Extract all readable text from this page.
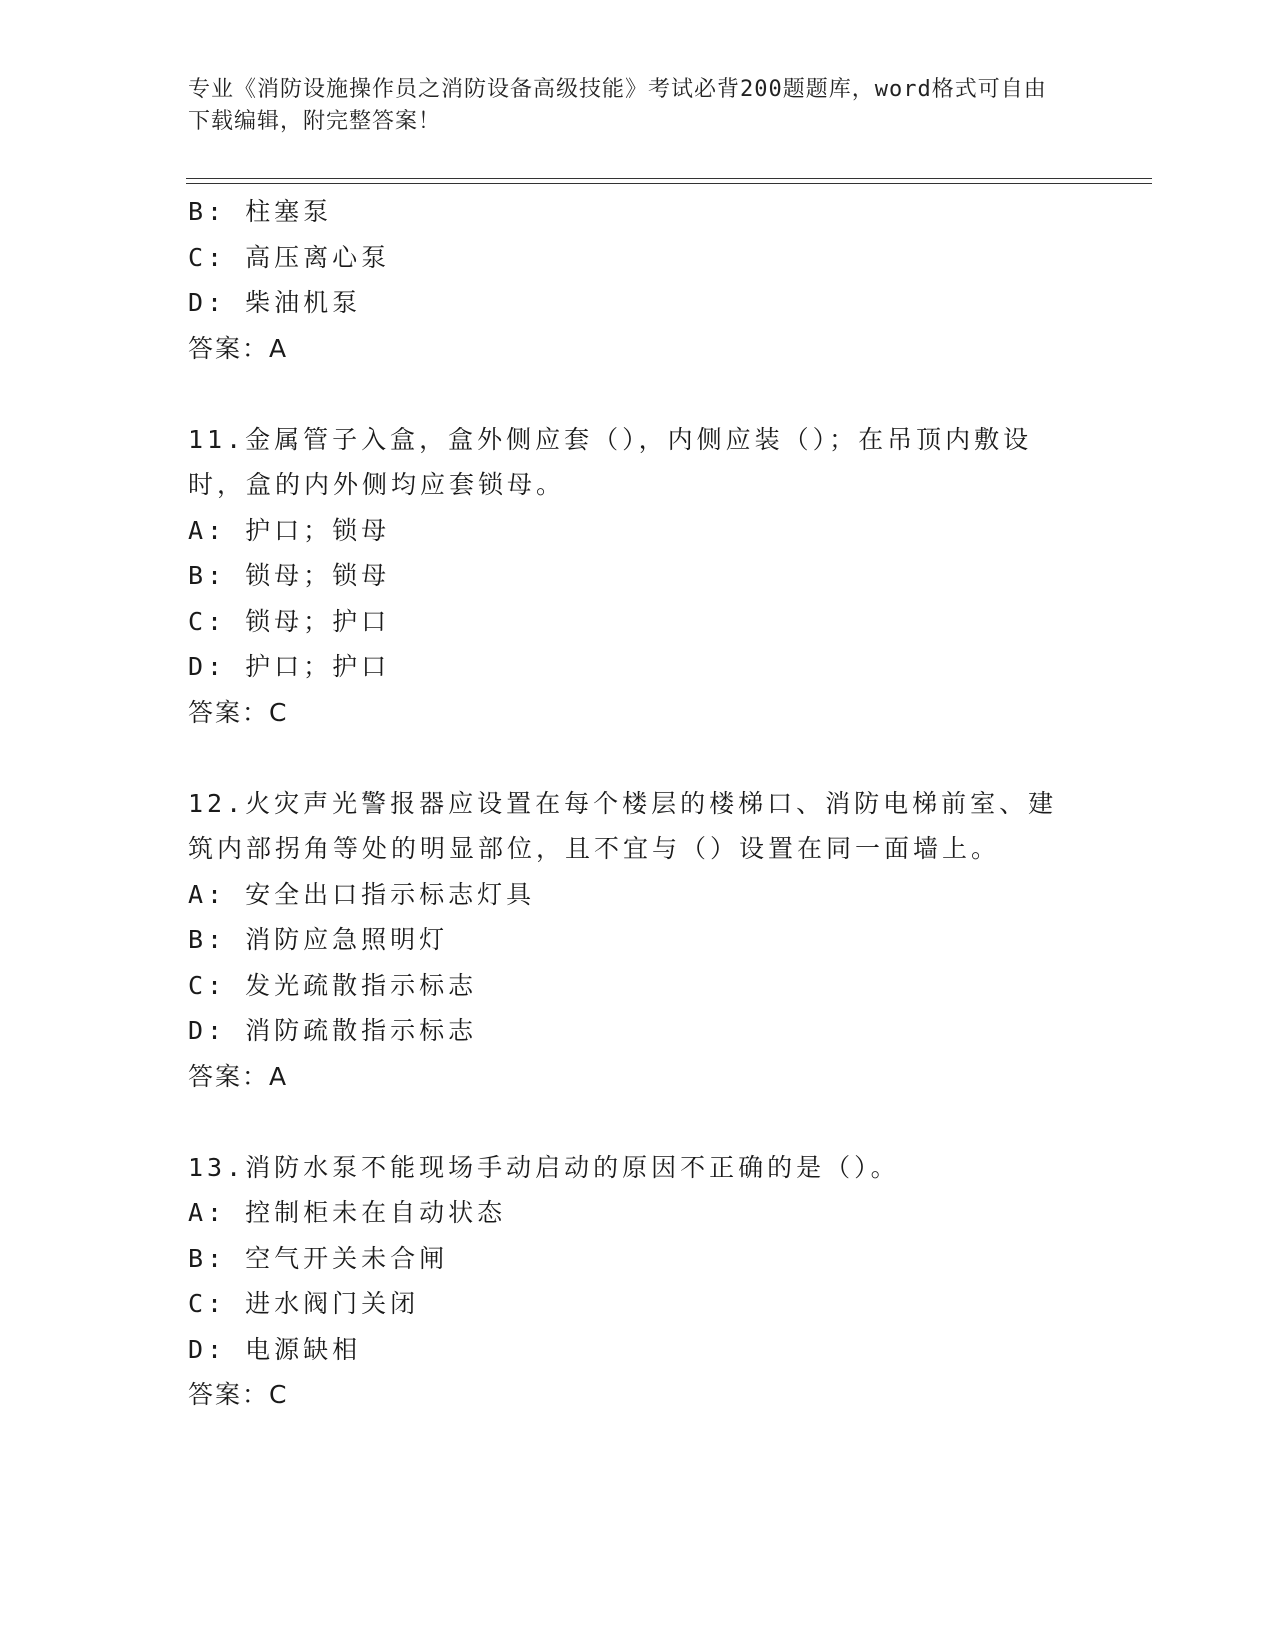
专业《消防设施操作员之消防设备高级技能》考试必背200题题库，word格式可自由下载编辑，附完整答案！
B: 柱塞泵
C: 高压离心泵
D: 柴油机泵
答案：A
11.金属管子入盒，盒外侧应套（），内侧应装（）；在吊顶内敷设时，盒的内外侧均应套锁母。
A: 护口；锁母
B: 锁母；锁母
C: 锁母；护口
D: 护口；护口
答案：C
12.火灾声光警报器应设置在每个楼层的楼梯口、消防电梯前室、建筑内部拐角等处的明显部位，且不宜与（）设置在同一面墙上。
A: 安全出口指示标志灯具
B: 消防应急照明灯
C: 发光疏散指示标志
D: 消防疏散指示标志
答案：A
13.消防水泵不能现场手动启动的原因不正确的是（）。
A: 控制柜未在自动状态
B: 空气开关未合闸
C: 进水阀门关闭
D: 电源缺相
答案：C
